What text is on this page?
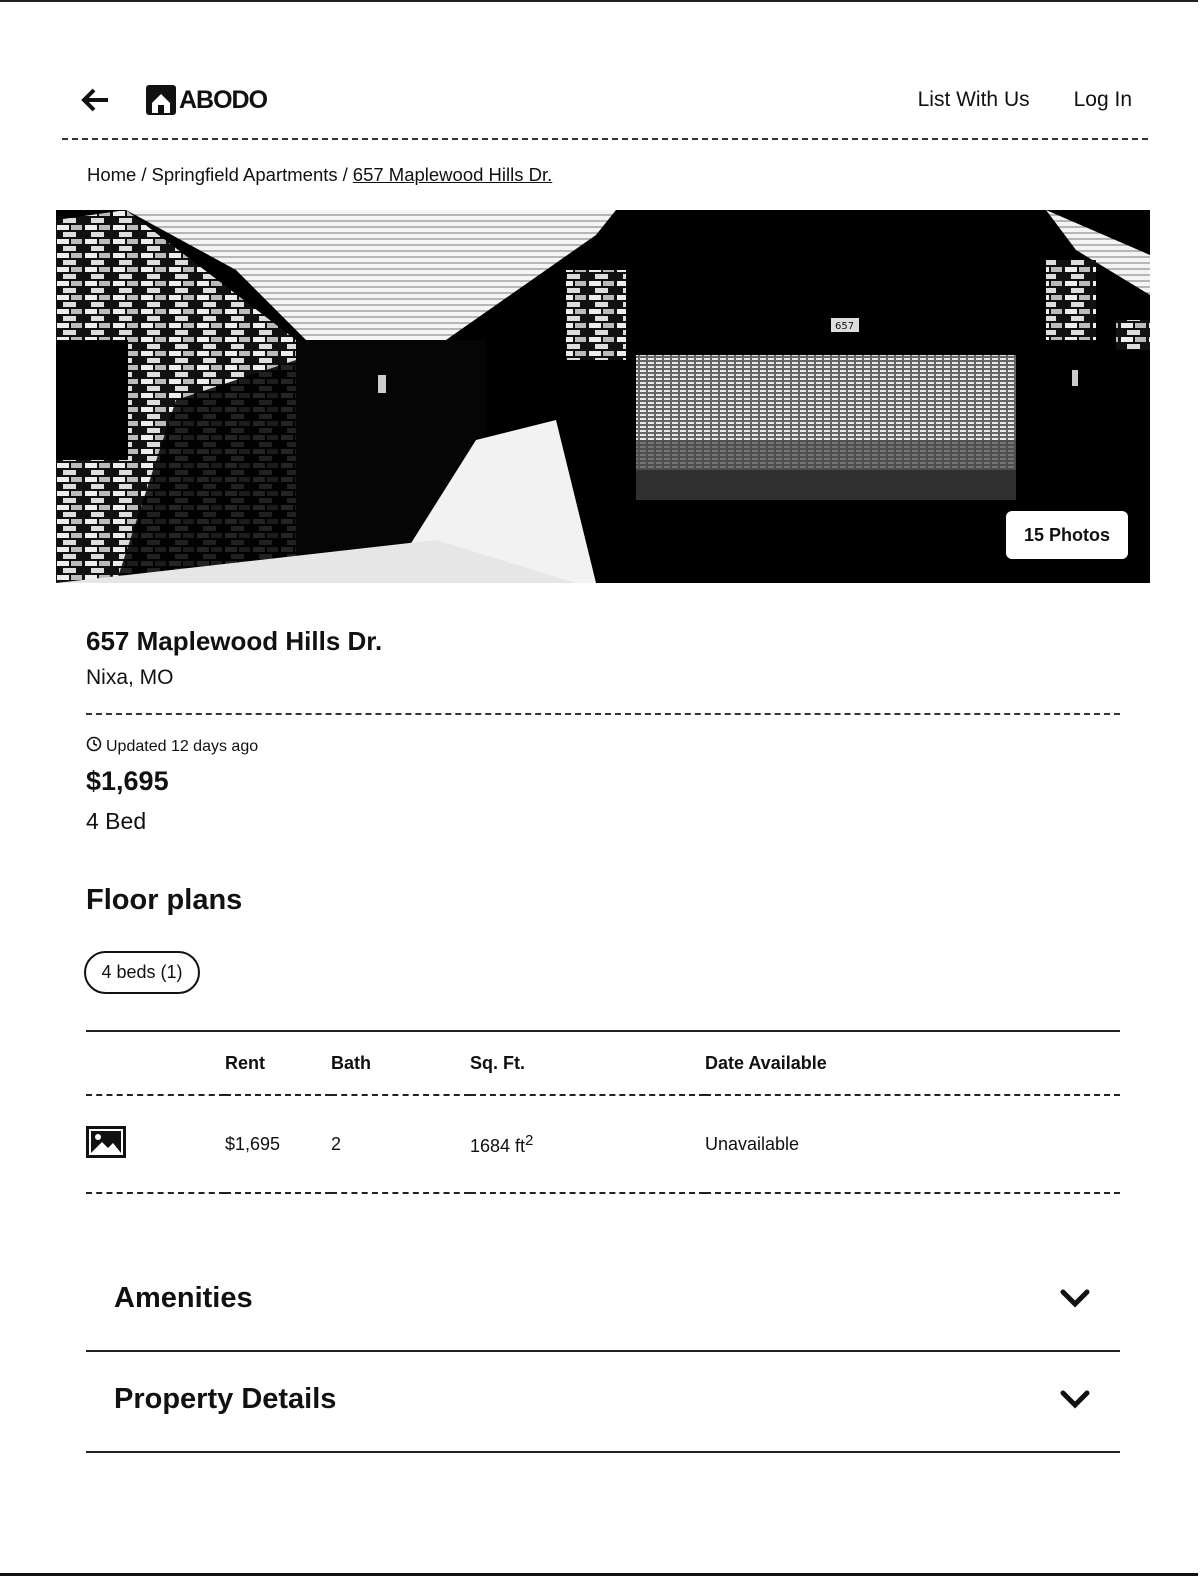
ABODO	List With Us Log In
Home / Springfield Apartments / 657 Maplewood Hills Dr.
657
15 Photos
657 Maplewood Hills Dr.
Nixa, MO
Updated 12 days ago
$1,695
4 Bed
Floor plans
4 beds (1)
	Rent	Bath	Sq. Ft.	Date Available
	$1,695	2	1684 $ft^2$	Unavailable
Amenities
Property Details
